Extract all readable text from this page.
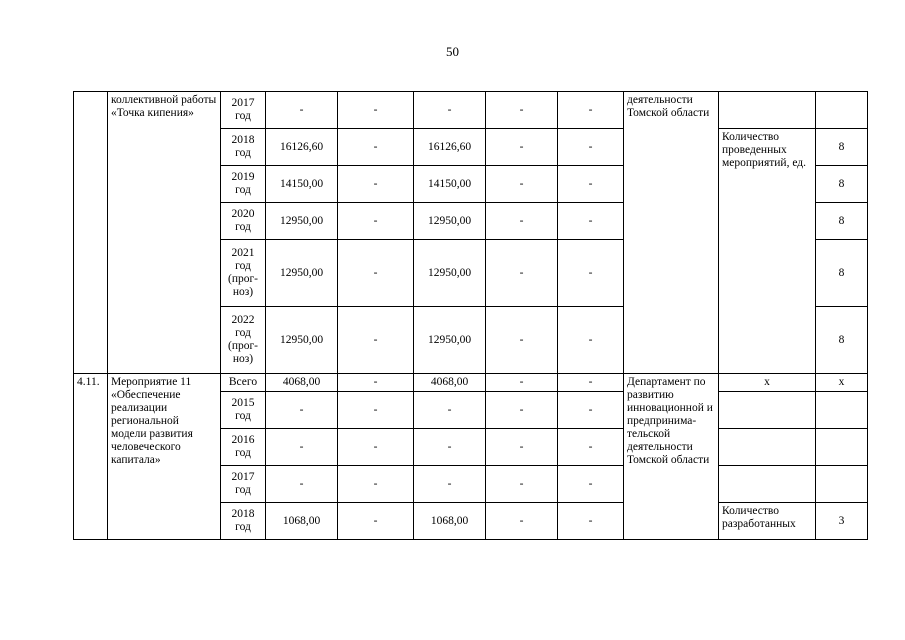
50
	коллективной работы «Точка кипения»	2017 год	-	-	-	-	-	деятельности Томской области		
		2018 год	16126,60	-	16126,60	-	-		Количество проведенных мероприятий, ед.	8
		2019 год	14150,00	-	14150,00	-	-			8
		2020 год	12950,00	-	12950,00	-	-			8
		2021 год (прог-ноз)	12950,00	-	12950,00	-	-			8
		2022 год (прог-ноз)	12950,00	-	12950,00	-	-			8
4.11.	Мероприятие 11 «Обеспечение реализации региональной модели развития человеческого капитала»	Всего	4068,00	-	4068,00	-	-	Департамент по развитию инновационной и предпринима-тельской деятельности Томской области	х	х
		2015 год	-	-	-	-	-			
		2016 год	-	-	-	-	-			
		2017 год	-	-	-	-	-			
		2018 год	1068,00	-	1068,00	-	-		Количество разработанных	3
